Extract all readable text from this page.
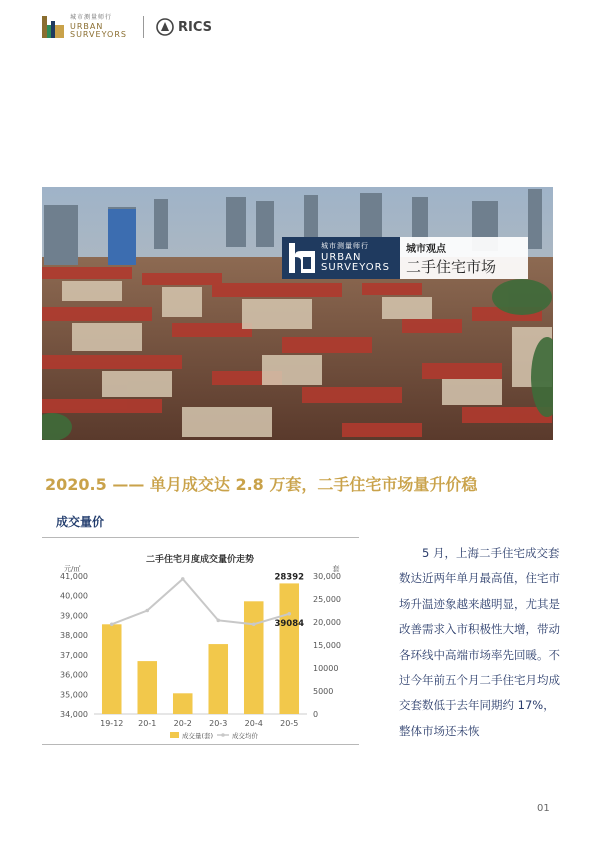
城市测量师行
URBAN
SURVEYORS	RICS
城市测量师行
URBAN
SURVEYORS
城市观点
二手住宅市场
2020.5 —— 单月成交达 2.8 万套，二手住宅市场量升价稳
成交量价
二手住宅月度成交量价走势
元/㎡	套
34,000
35,000
36,000
37,000
38,000
39,000
40,000
41,000
0
5000
10000
15,000
20,000
25,000
30,000
19-12 20-1 20-2 20-3 20-4 20-5
28392
39084
成交量(套)	成交均价

5 月，上海二手住宅成交套数达近两年单月最高值，住宅市场升温迹象越来越明显，尤其是改善需求入市积极性大增，带动各环线中高端市场率先回暖。不过今年前五个月二手住宅月均成交套数低于去年同期约 17%，整体市场还未恢

01
